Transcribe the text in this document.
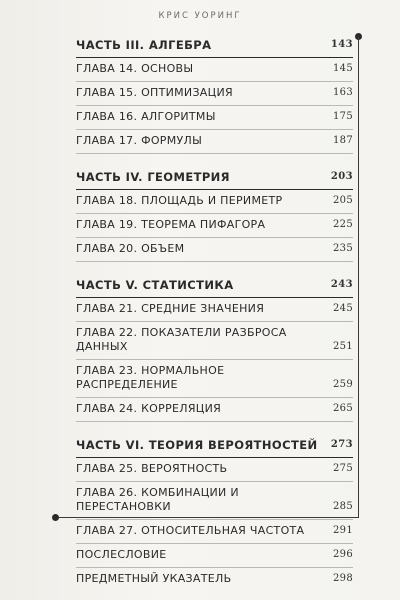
КРИС УОРИНГ
ЧАСТЬ III. АЛГЕБРА	143
ГЛАВА 14. ОСНОВЫ	145
ГЛАВА 15. ОПТИМИЗАЦИЯ	163
ГЛАВА 16. АЛГОРИТМЫ	175
ГЛАВА 17. ФОРМУЛЫ	187
ЧАСТЬ IV. ГЕОМЕТРИЯ	203
ГЛАВА 18. ПЛОЩАДЬ И ПЕРИМЕТР	205
ГЛАВА 19. ТЕОРЕМА ПИФАГОРА	225
ГЛАВА 20. ОБЪЕМ	235
ЧАСТЬ V. СТАТИСТИКА	243
ГЛАВА 21. СРЕДНИЕ ЗНАЧЕНИЯ	245
ГЛАВА 22. ПОКАЗАТЕЛИ РАЗБРОСА ДАННЫХ	251
ГЛАВА 23. НОРМАЛЬНОЕ РАСПРЕДЕЛЕНИЕ	259
ГЛАВА 24. КОРРЕЛЯЦИЯ	265
ЧАСТЬ VI. ТЕОРИЯ ВЕРОЯТНОСТЕЙ	273
ГЛАВА 25. ВЕРОЯТНОСТЬ	275
ГЛАВА 26. КОМБИНАЦИИ И ПЕРЕСТАНОВКИ	285
ГЛАВА 27. ОТНОСИТЕЛЬНАЯ ЧАСТОТА	291
ПОСЛЕСЛОВИЕ	296
ПРЕДМЕТНЫЙ УКАЗАТЕЛЬ	298
